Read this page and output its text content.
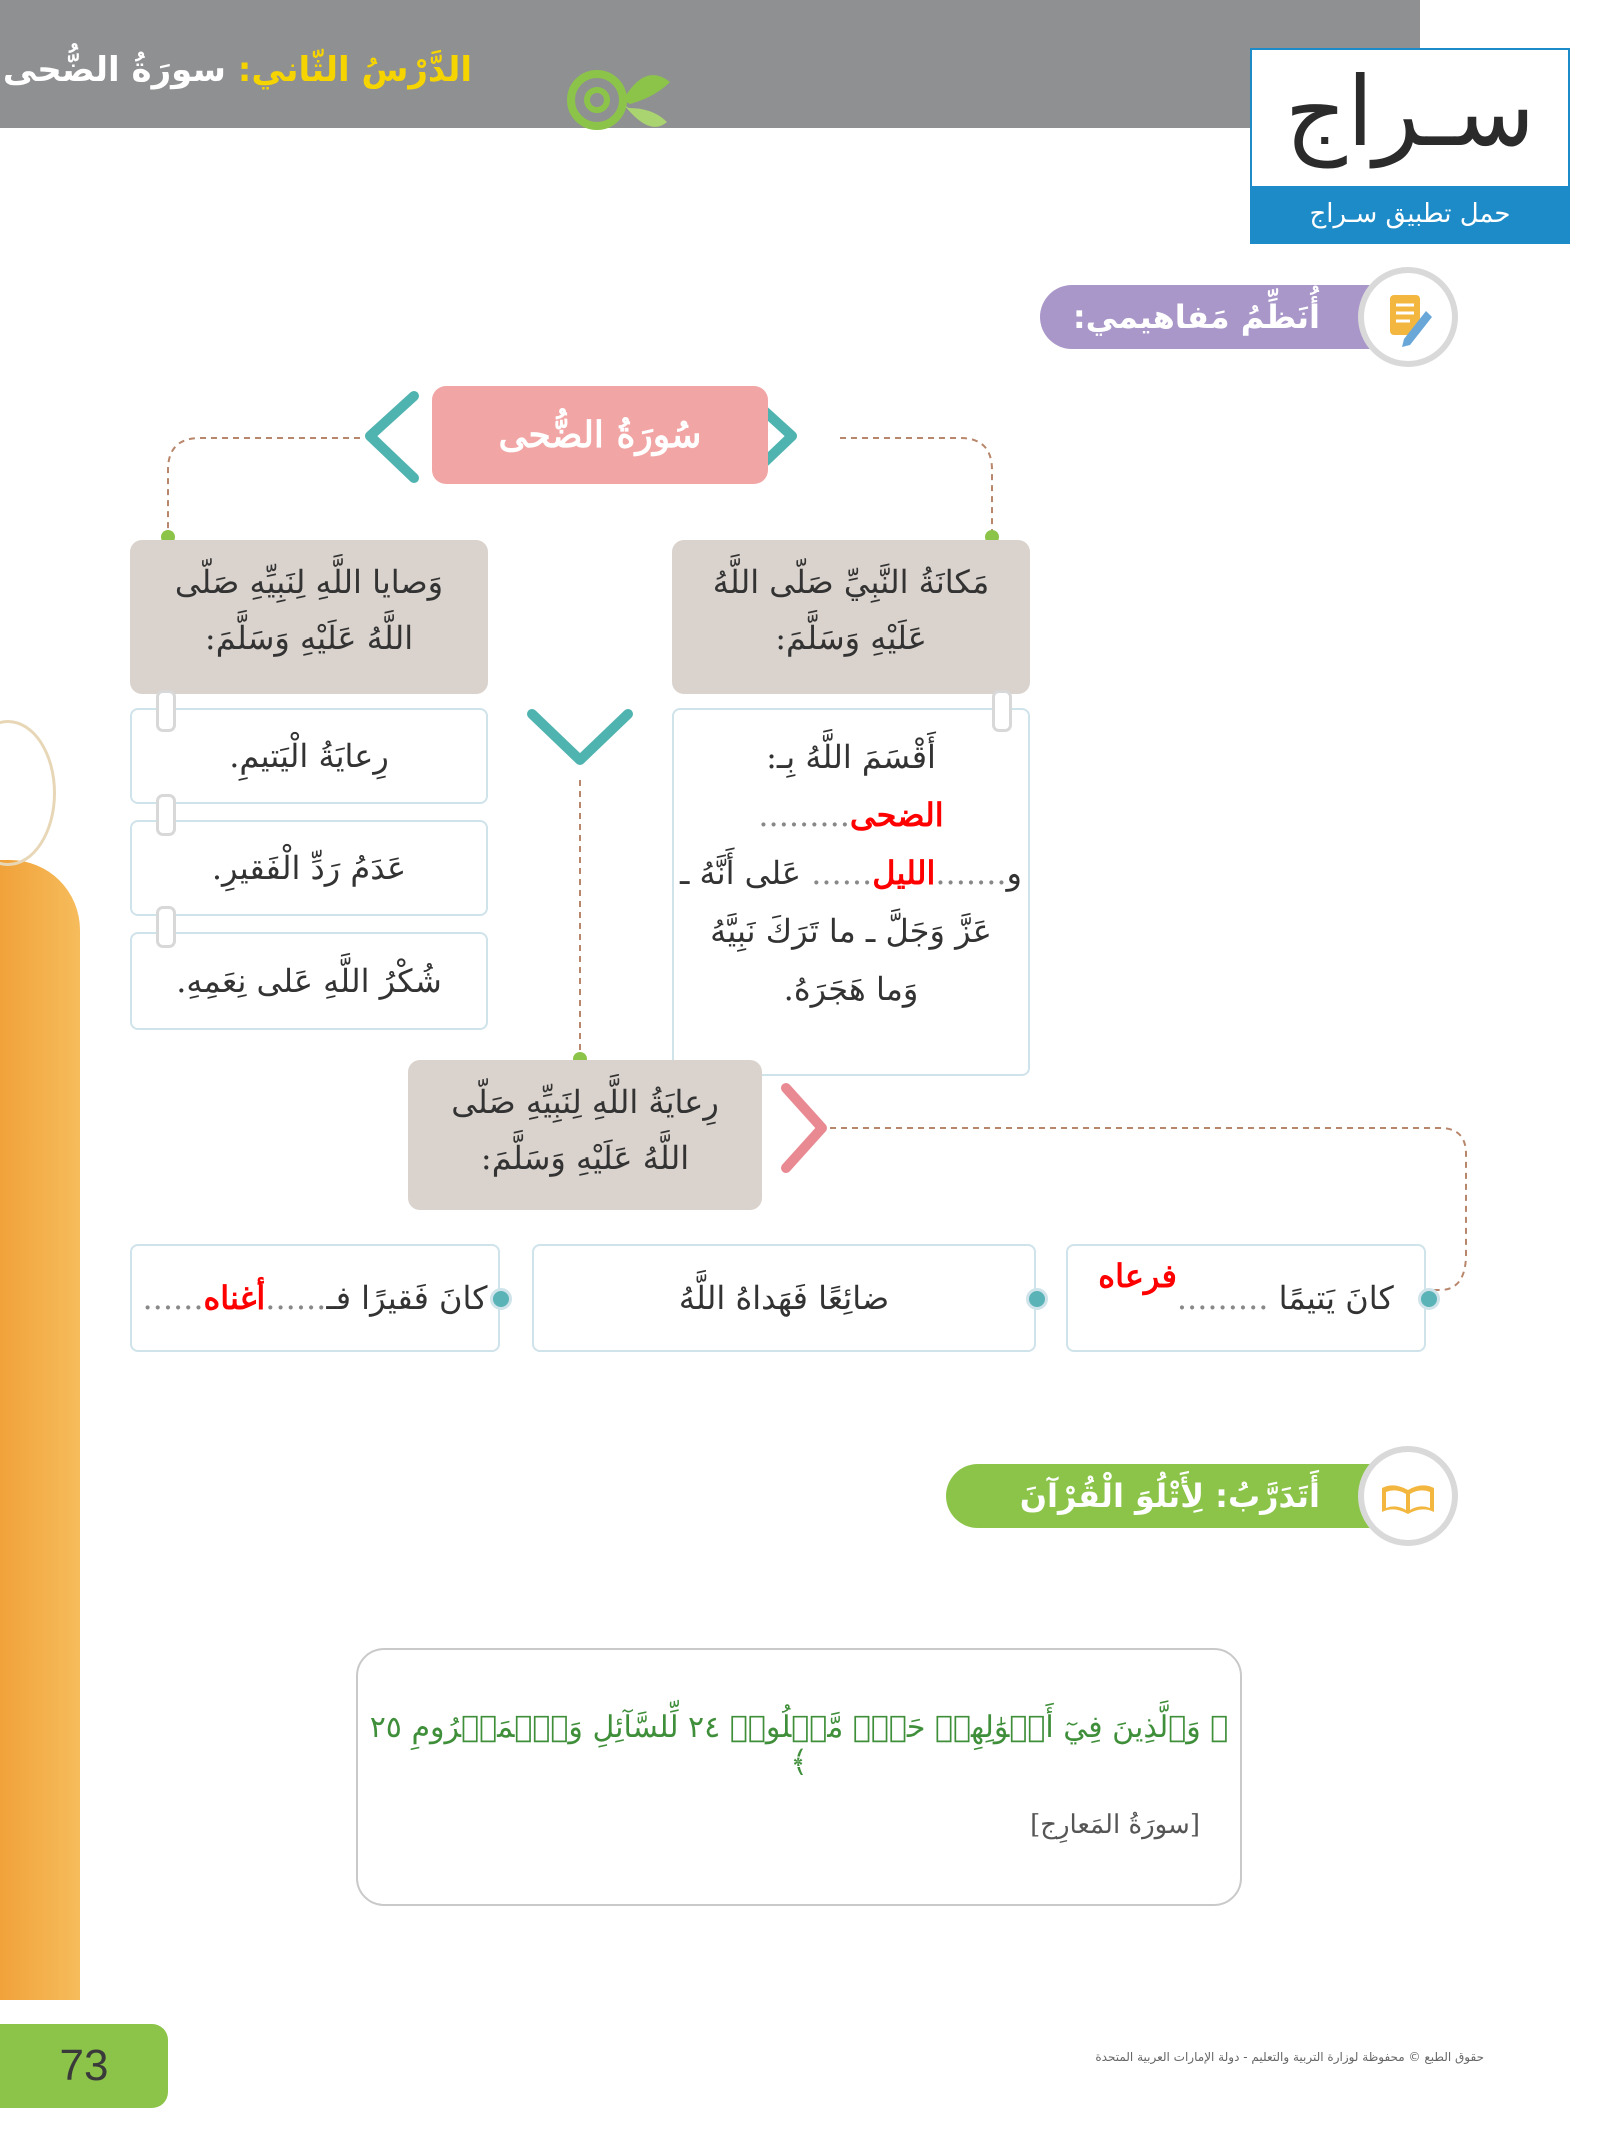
الدَّرْسُ الثّاني: سورَةُ الضُّحى	سـراج
حمل تطبيق سـراج
أُنَظِّمُ مَفاهيمي:
سُورَةُ الضُّحى
مَكانَةُ النَّبِيِّ صَلّى اللَّهُ عَلَيْهِ وَسَلَّمَ:
أَقْسَمَ اللَّهُ بِـ:
الضحى.........
و.......الليل...... عَلى أَنَّهُ ـ
عَزَّ وَجَلَّ ـ ما تَرَكَ نَبِيَّهُ
وَما هَجَرَهُ.
وَصايا اللَّهِ لِنَبِيِّهِ صَلّى اللَّهُ عَلَيْهِ وَسَلَّمَ:
رِعايَةُ الْيَتيمِ.
عَدَمُ رَدِّ الْفَقيرِ.
شُكْرُ اللَّهِ عَلى نِعَمِهِ.
رِعايَةُ اللَّهِ لِنَبِيِّهِ صَلّى اللَّهُ عَلَيْهِ وَسَلَّمَ:
كانَ يَتيمًا .........فرعاه
ضائِعًا فَهَداهُ اللَّهُ
كانَ فَقيرًا فـ......أغناه......
أَتَدَرَّبُ: لِأَتْلُوَ الْقُرْآنَ الْكَريمَ:
﴿ وَٱلَّذِينَ فِيٓ أَمۡوَٰلِهِمۡ حَقّٞ مَّعۡلُومٞ ٢٤ لِّلسَّآئِلِ وَٱلۡمَحۡرُومِ ٢٥ ﴾
[سورَةُ المَعارِج]
73	حقوق الطبع © محفوظة لوزارة التربية والتعليم - دولة الإمارات العربية المتحدة
